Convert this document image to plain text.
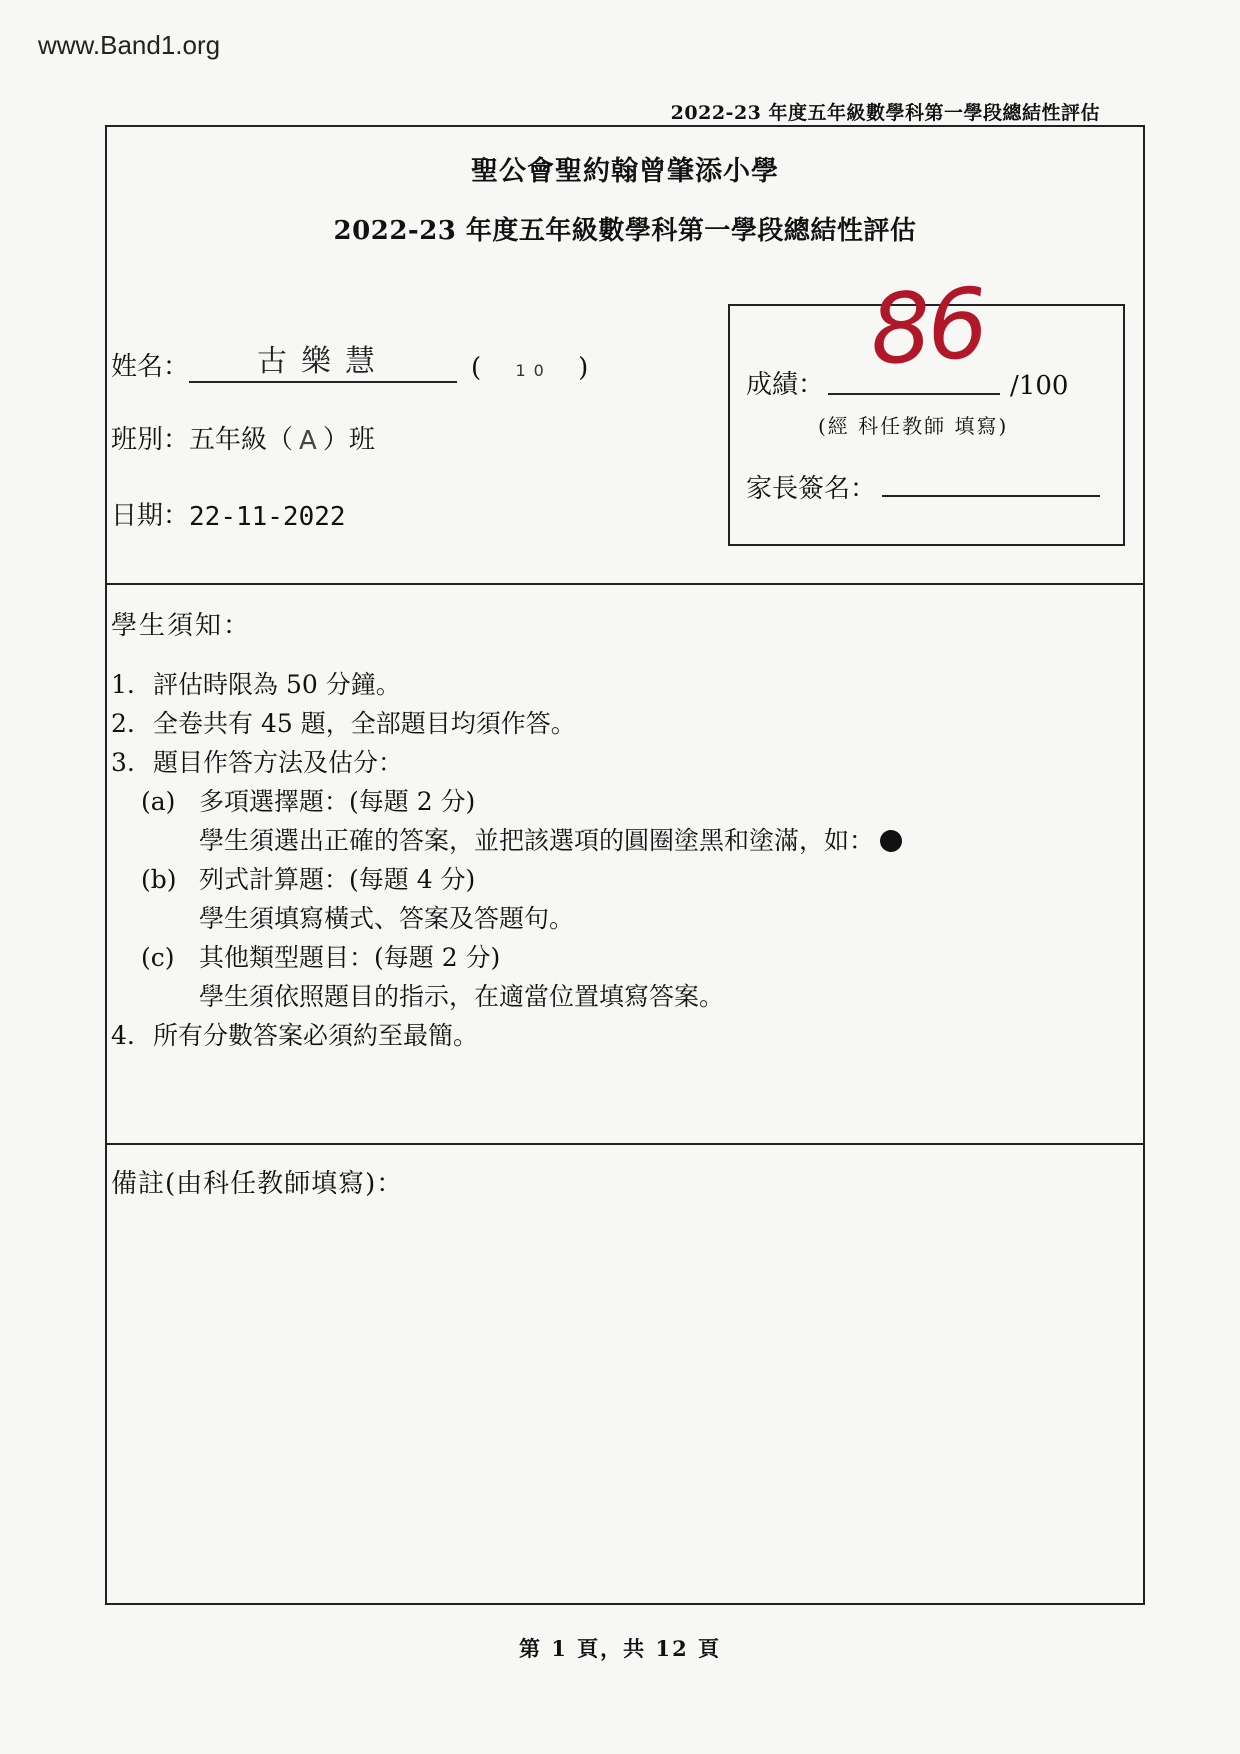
www.Band1.org
2022-23 年度五年級數學科第一學段總結性評估
聖公會聖約翰曾肇添小學
2022-23 年度五年級數學科第一學段總結性評估
姓名：	古樂慧	( 10 )
班別：五年級（ A ）班
日期： 22-11-2022
成績：	/100
86
(經 科任教師 填寫)
家長簽名：
學生須知：
1. 評估時限為 50 分鐘。
2. 全卷共有 45 題，全部題目均須作答。
3. 題目作答方法及估分：
(a) 多項選擇題：(每題 2 分)
學生須選出正確的答案，並把該選項的圓圈塗黑和塗滿，如：
(b) 列式計算題：(每題 4 分)
學生須填寫橫式、答案及答題句。
(c) 其他類型題目：(每題 2 分)
學生須依照題目的指示，在適當位置填寫答案。
4. 所有分數答案必須約至最簡。
備註(由科任教師填寫)：
第 1 頁，共 12 頁
